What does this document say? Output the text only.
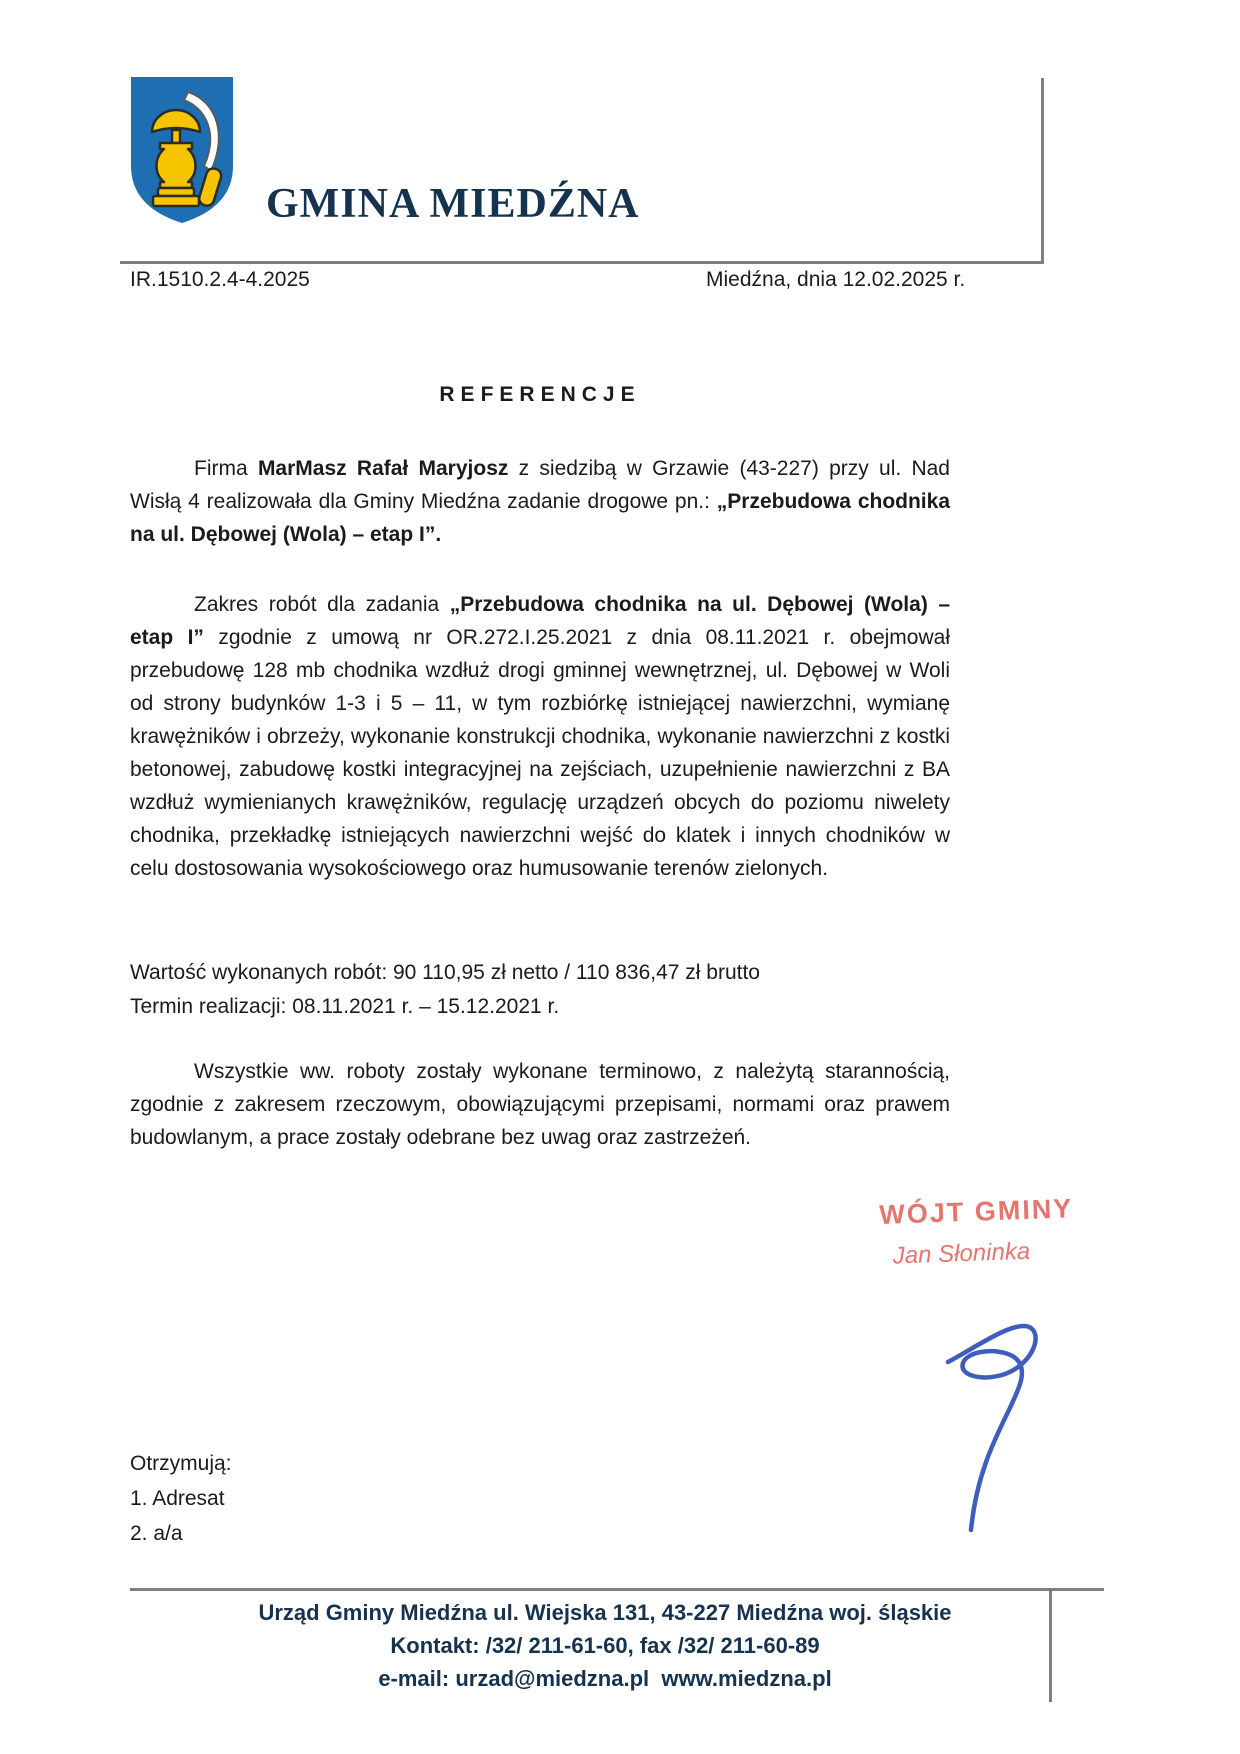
GMINA MIEDŹNA
IR.1510.2.4-4.2025	Miedźna, dnia 12.02.2025 r.
REFERENCJE

Firma MarMasz Rafał Maryjosz z siedzibą w Grzawie (43-227) przy ul. Nad Wisłą 4 realizowała dla Gminy Miedźna zadanie drogowe pn.: „Przebudowa chodnika na ul. Dębowej (Wola) – etap I”.

Zakres robót dla zadania „Przebudowa chodnika na ul. Dębowej (Wola) – etap I” zgodnie z umową nr OR.272.I.25.2021 z dnia 08.11.2021 r. obejmował przebudowę 128 mb chodnika wzdłuż drogi gminnej wewnętrznej, ul. Dębowej w Woli od strony budynków 1-3 i 5 – 11, w tym rozbiórkę istniejącej nawierzchni, wymianę krawężników i obrzeży, wykonanie konstrukcji chodnika, wykonanie nawierzchni z kostki betonowej, zabudowę kostki integracyjnej na zejściach, uzupełnienie nawierzchni z BA wzdłuż wymienianych krawężników, regulację urządzeń obcych do poziomu niwelety chodnika, przekładkę istniejących nawierzchni wejść do klatek i innych chodników w celu dostosowania wysokościowego oraz humusowanie terenów zielonych.

Wartość wykonanych robót: 90 110,95 zł netto / 110 836,47 zł brutto
Termin realizacji: 08.11.2021 r. – 15.12.2021 r.

Wszystkie ww. roboty zostały wykonane terminowo, z należytą starannością, zgodnie z zakresem rzeczowym, obowiązującymi przepisami, normami oraz prawem budowlanym, a prace zostały odebrane bez uwag oraz zastrzeżeń.

WÓJT GMINY
Jan Słoninka
Otrzymują:
1. Adresat
2. a/a
Urząd Gminy Miedźna ul. Wiejska 131, 43-227 Miedźna woj. śląskie
Kontakt: /32/ 211-61-60, fax /32/ 211-60-89
e-mail: urzad@miedzna.pl  www.miedzna.pl
